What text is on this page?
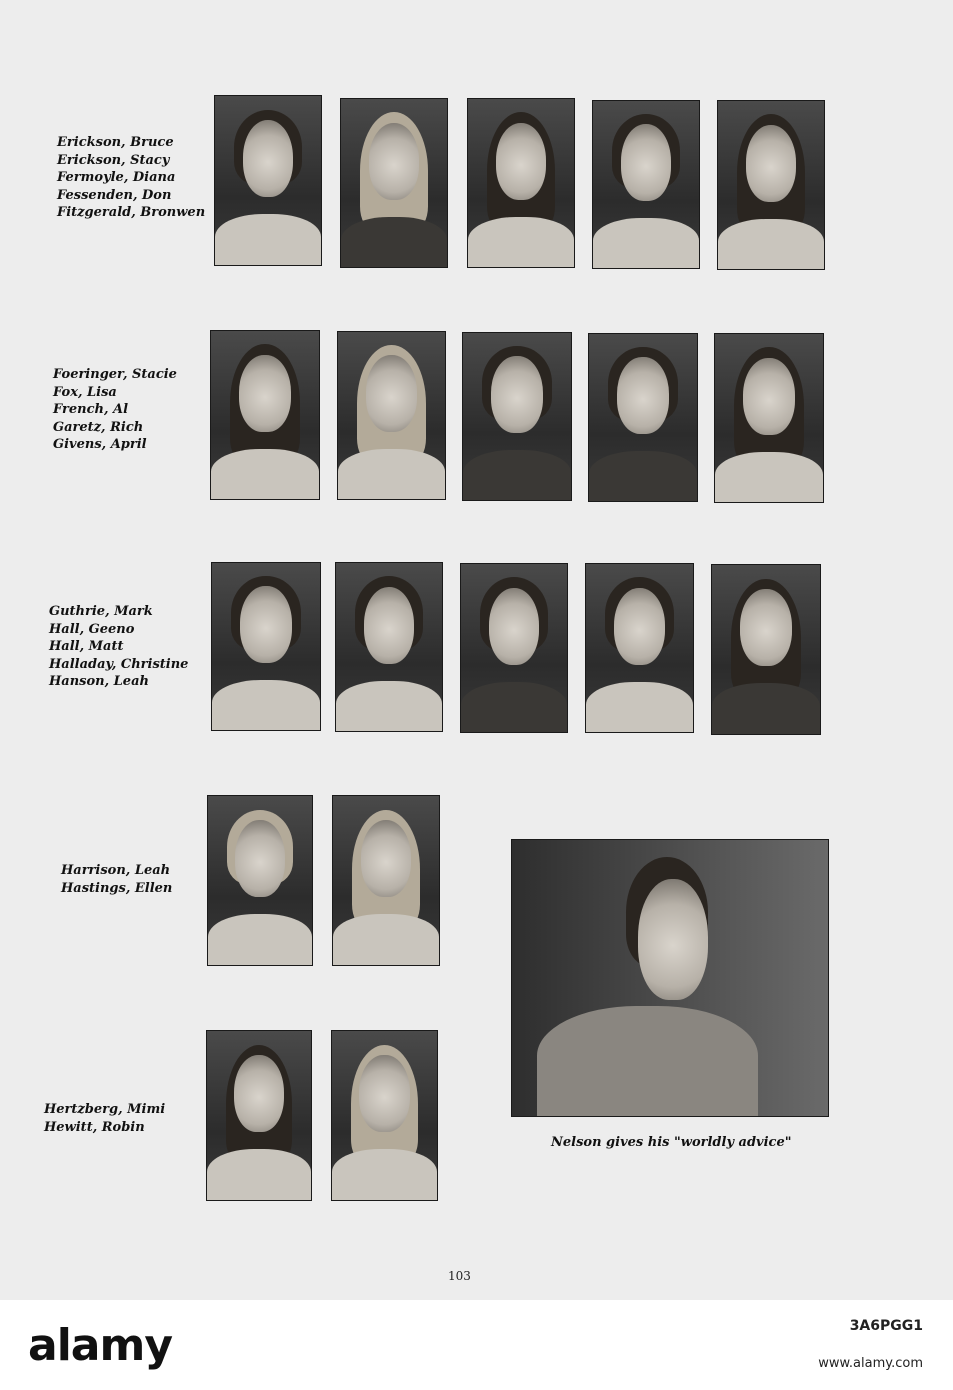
Erickson, Bruce
Erickson, Stacy
Fermoyle, Diana
Fessenden, Don
Fitzgerald, Bronwen
Foeringer, Stacie
Fox, Lisa
French, Al
Garetz, Rich
Givens, April
Guthrie, Mark
Hall, Geeno
Hall, Matt
Halladay, Christine
Hanson, Leah
Harrison, Leah
Hastings, Ellen
Hertzberg, Mimi
Hewitt, Robin
Nelson gives his "worldly advice"
103
alamy	3A6PGG1
www.alamy.com
